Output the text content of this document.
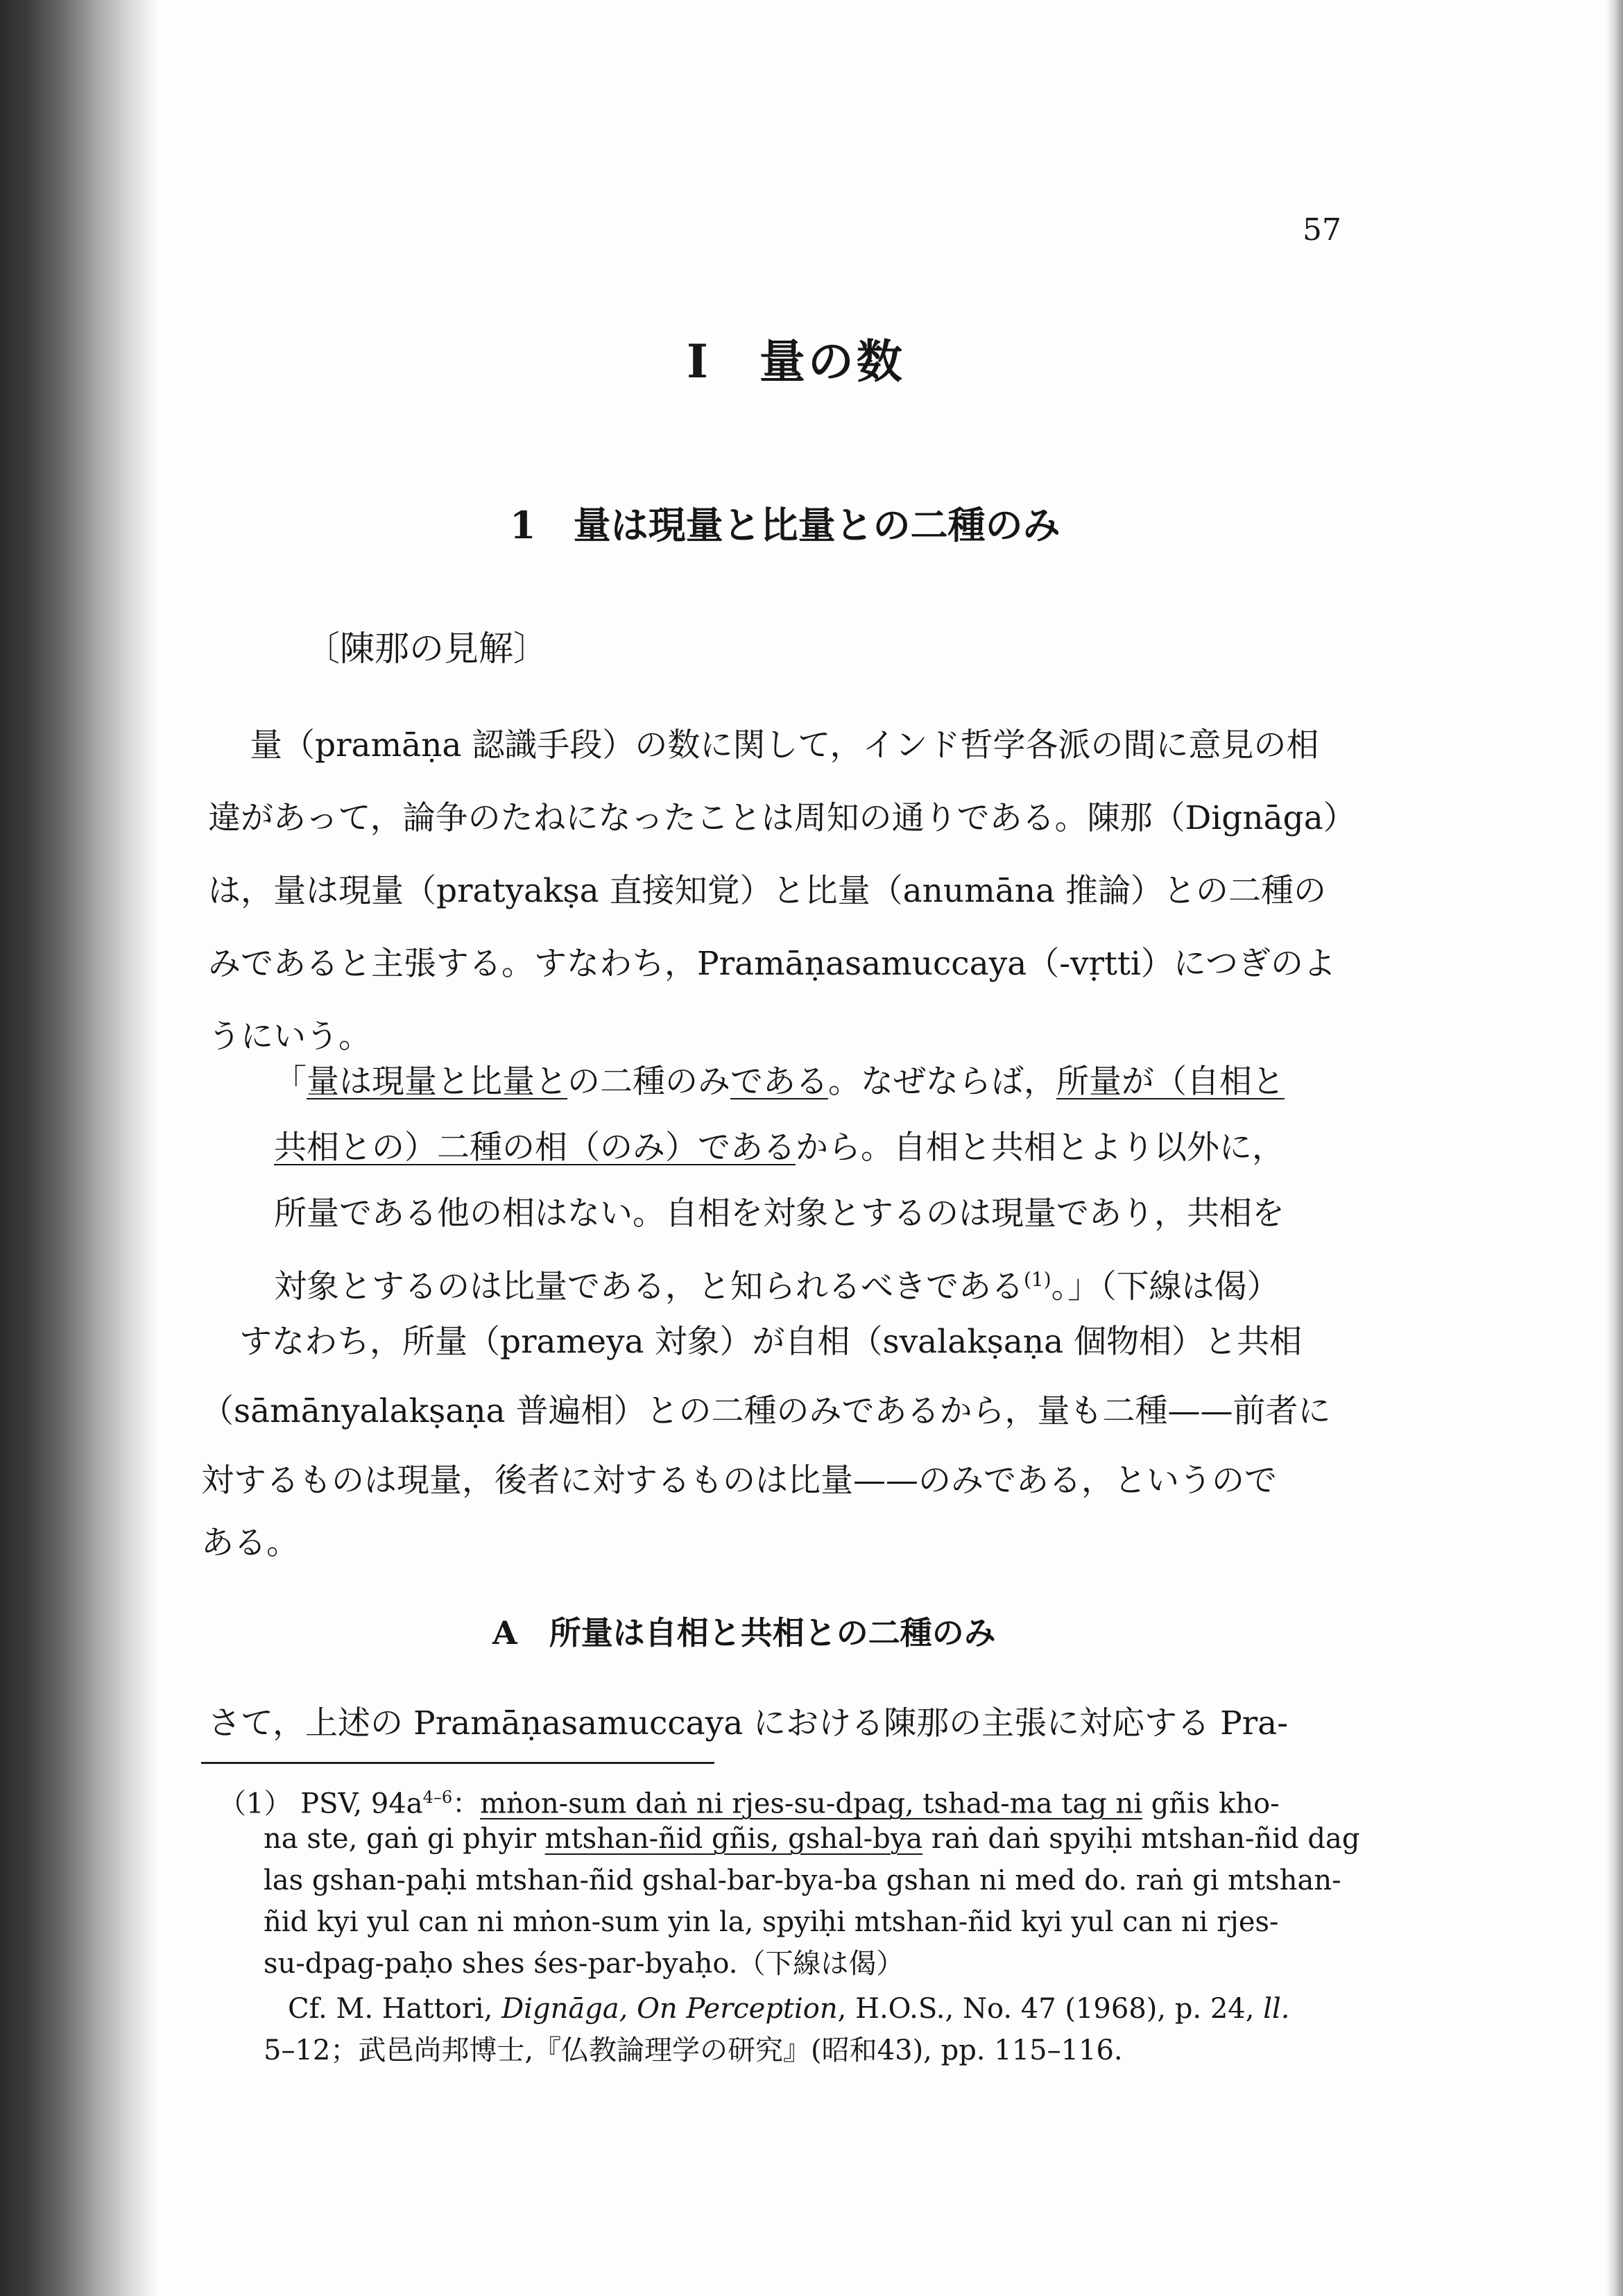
57
I　量の数
1　量は現量と比量との二種のみ
〔陳那の見解〕
量（pramāṇa 認識手段）の数に関して，インド哲学各派の間に意見の相
違があって，論争のたねになったことは周知の通りである。陳那（Dignāga）
は，量は現量（pratyakṣa 直接知覚）と比量（anumāna 推論）との二種の
みであると主張する。すなわち，Pramāṇasamuccaya（-vṛtti）につぎのよ
うにいう。
「量は現量と比量との二種のみである。なぜならば，所量が（自相と
共相との）二種の相（のみ）であるから。自相と共相とより以外に，
所量である他の相はない。自相を対象とするのは現量であり，共相を
対象とするのは比量である，と知られるべきである$^{(1)}$。」（下線は偈）
すなわち，所量（prameya 対象）が自相（svalakṣaṇa 個物相）と共相
（sāmānyalakṣaṇa 普遍相）との二種のみであるから，量も二種——前者に
対するものは現量，後者に対するものは比量——のみである，というので
ある。
A　所量は自相と共相との二種のみ
さて，上述の Pramāṇasamuccaya における陳那の主張に対応する Pra-
（1） PSV, $94a^{4-6}$：mṅon-sum daṅ ni rjes-su-dpag, tshad-ma tag ni gñis kho-
na ste, gaṅ gi phyir mtshan-ñid gñis, gshal-bya raṅ daṅ spyiḥi mtshan-ñid dag
las gshan-paḥi mtshan-ñid gshal-bar-bya-ba gshan ni med do. raṅ gi mtshan-
ñid kyi yul can ni mṅon-sum yin la, spyiḥi mtshan-ñid kyi yul can ni rjes-
su-dpag-paḥo shes śes-par-byaḥo.（下線は偈）
Cf. M. Hattori, Dignāga, On Perception, H.O.S., No. 47 (1968), p. 24, ll.
5–12；武邑尚邦博士,『仏教論理学の研究』(昭和43), pp. 115–116.
